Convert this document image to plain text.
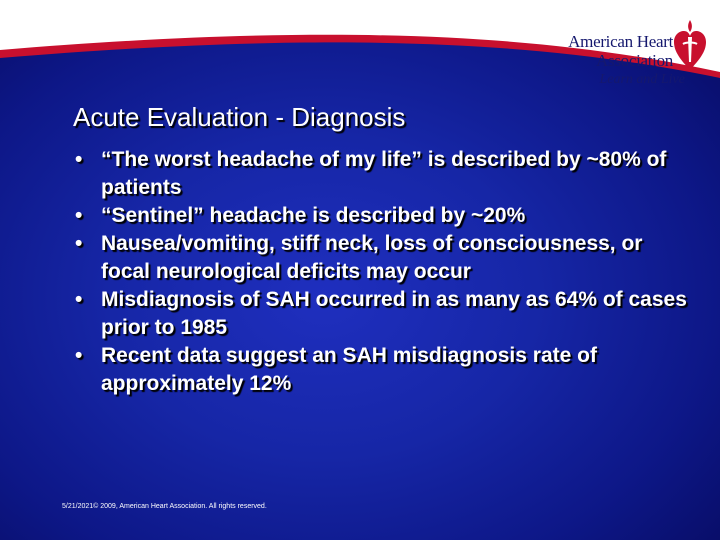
American Heart
Association
Learn and Live
Acute Evaluation - Diagnosis
• “The worst headache of my life” is described by ~80% of patients
• “Sentinel” headache is described by ~20%
• Nausea/vomiting, stiff neck, loss of consciousness, or focal neurological deficits may occur
• Misdiagnosis of SAH occurred in as many as 64% of cases prior to 1985
• Recent data suggest an SAH misdiagnosis rate of approximately 12%
5/21/2021© 2009, American Heart Association. All rights reserved.
